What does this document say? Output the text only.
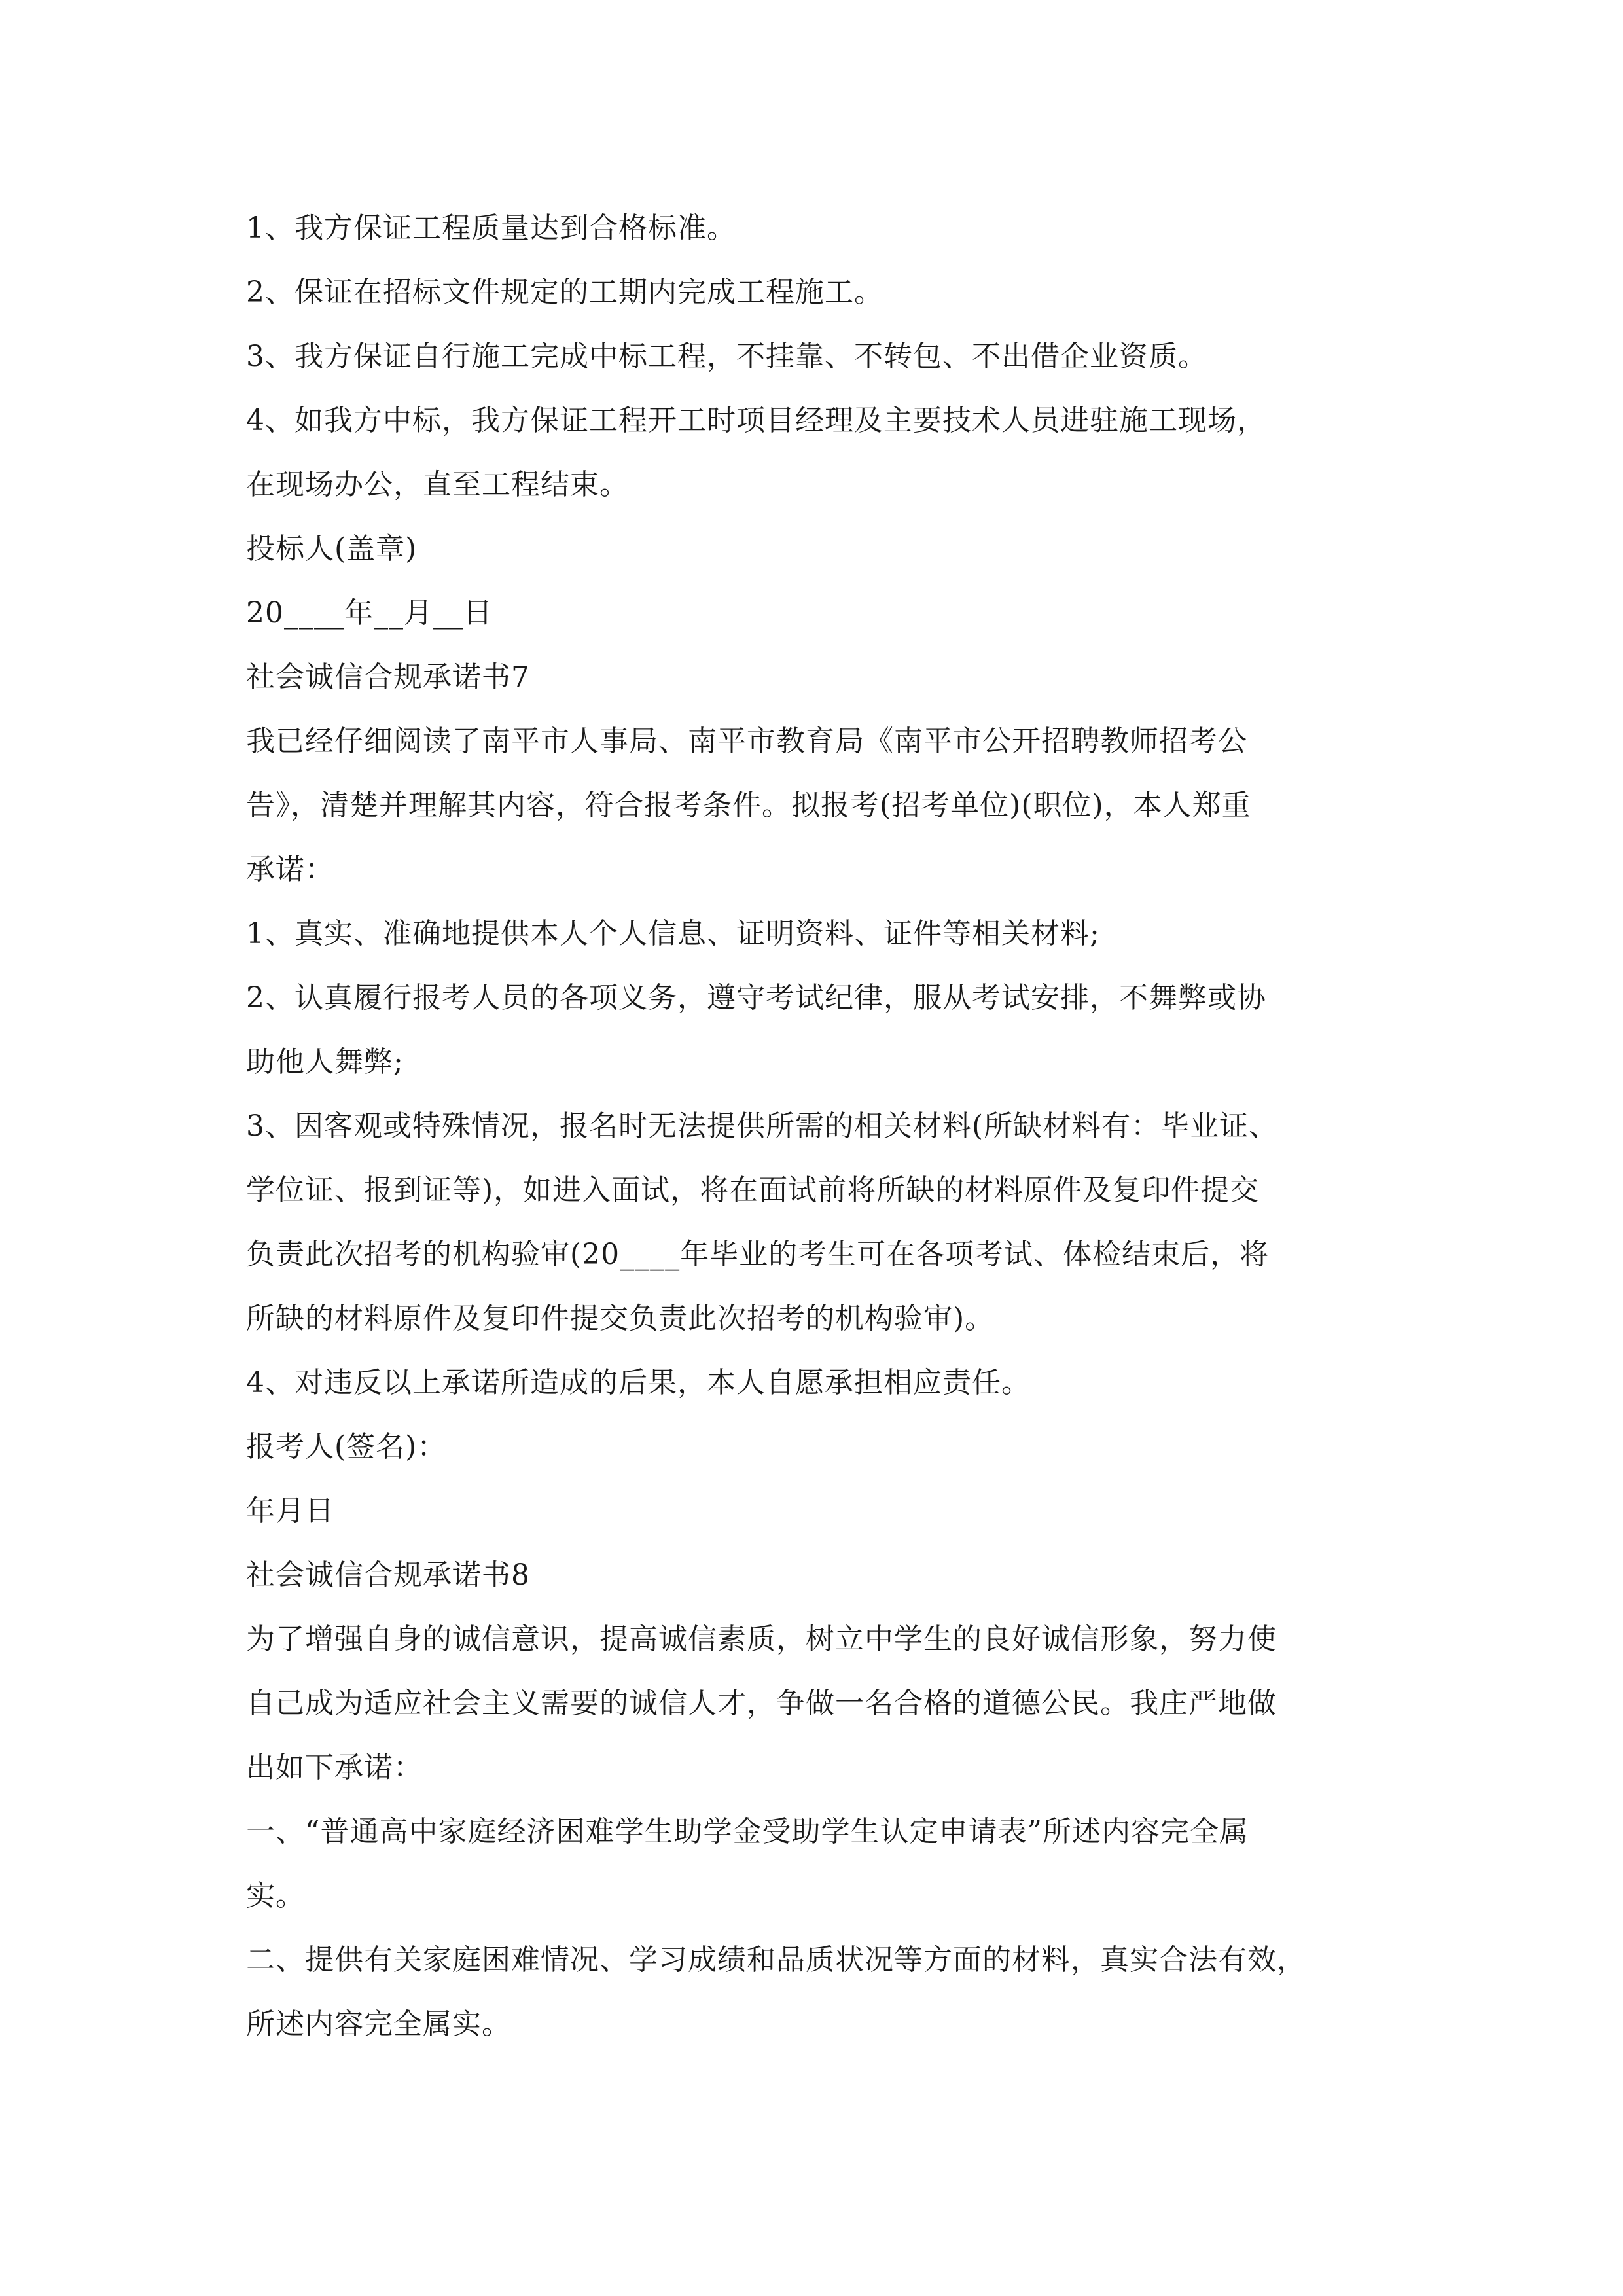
1、我方保证工程质量达到合格标准。
2、保证在招标文件规定的工期内完成工程施工。
3、我方保证自行施工完成中标工程，不挂靠、不转包、不出借企业资质。
4、如我方中标，我方保证工程开工时项目经理及主要技术人员进驻施工现场，
在现场办公，直至工程结束。
投标人(盖章)
20____年__月__日
社会诚信合规承诺书7
我已经仔细阅读了南平市人事局、南平市教育局《南平市公开招聘教师招考公
告》，清楚并理解其内容，符合报考条件。拟报考(招考单位)(职位)，本人郑重
承诺：
1、真实、准确地提供本人个人信息、证明资料、证件等相关材料;
2、认真履行报考人员的各项义务，遵守考试纪律，服从考试安排，不舞弊或协
助他人舞弊;
3、因客观或特殊情况，报名时无法提供所需的相关材料(所缺材料有：毕业证、
学位证、报到证等)，如进入面试，将在面试前将所缺的材料原件及复印件提交
负责此次招考的机构验审(20____年毕业的考生可在各项考试、体检结束后，将
所缺的材料原件及复印件提交负责此次招考的机构验审)。
4、对违反以上承诺所造成的后果，本人自愿承担相应责任。
报考人(签名)：
年月日
社会诚信合规承诺书8
为了增强自身的诚信意识，提高诚信素质，树立中学生的良好诚信形象，努力使
自己成为适应社会主义需要的诚信人才，争做一名合格的道德公民。我庄严地做
出如下承诺：
一、“普通高中家庭经济困难学生助学金受助学生认定申请表”所述内容完全属
实。
二、提供有关家庭困难情况、学习成绩和品质状况等方面的材料，真实合法有效，
所述内容完全属实。
